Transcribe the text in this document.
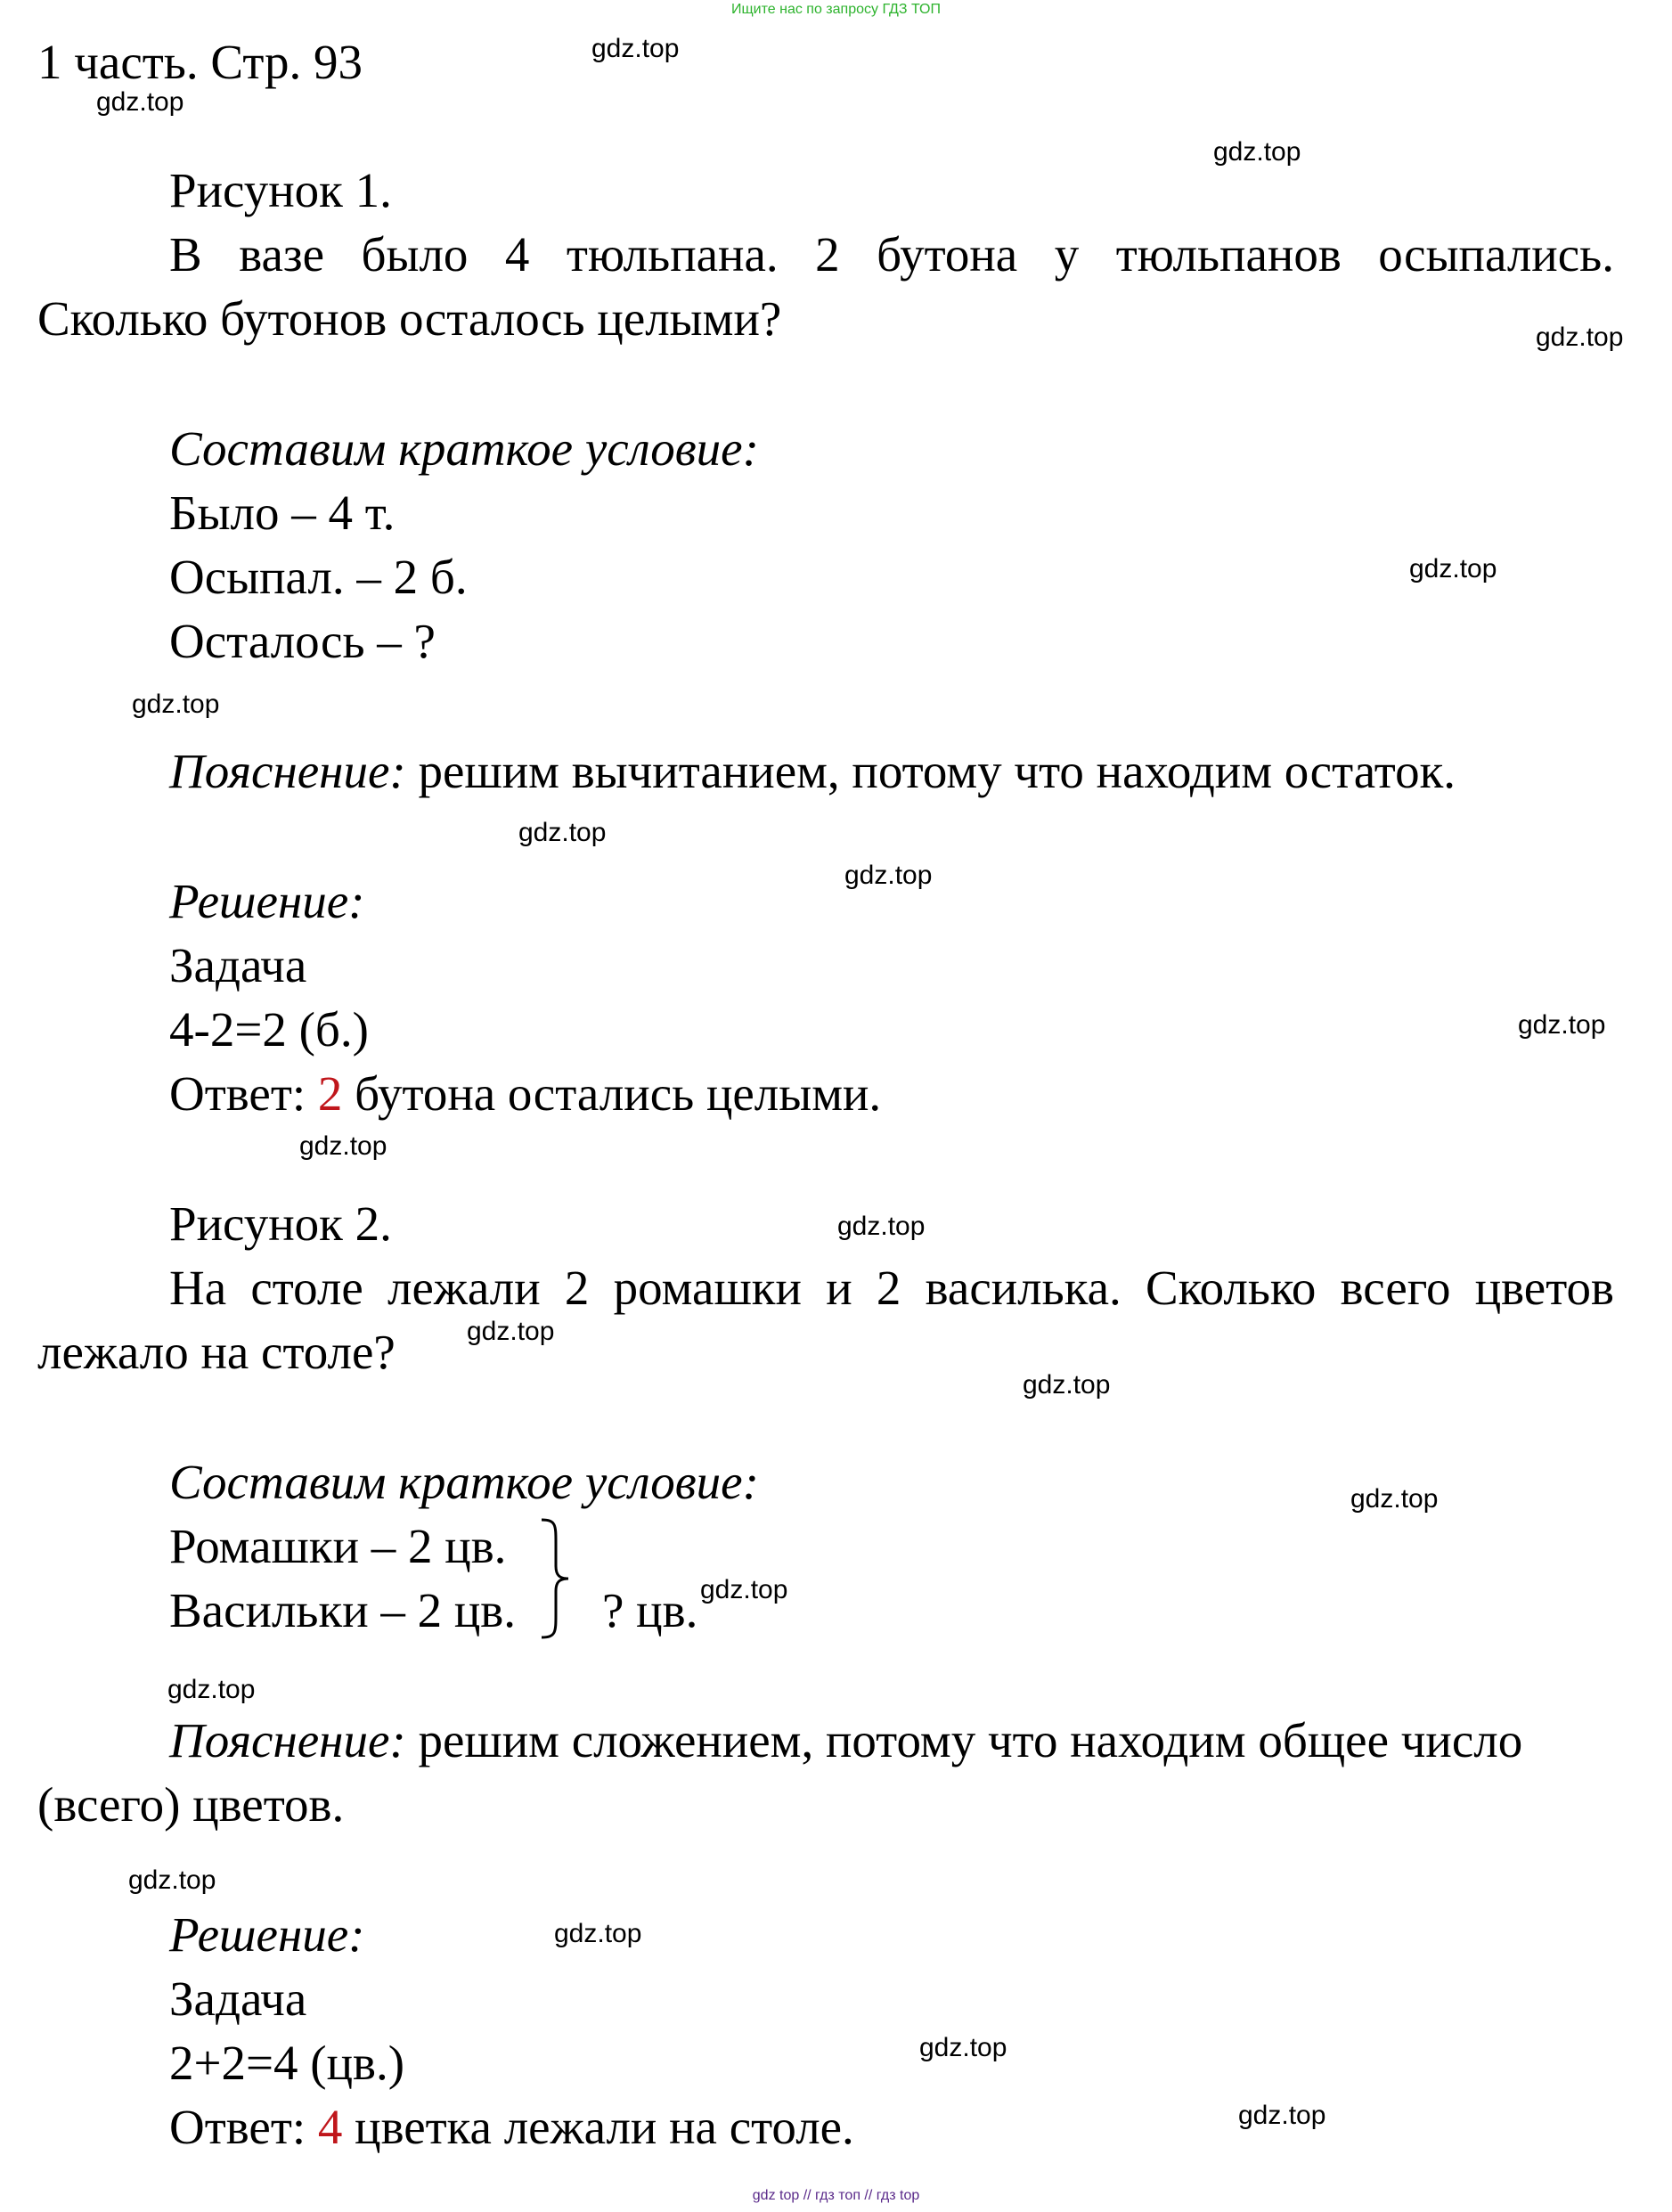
Ищите нас по запросу ГДЗ ТОП
1 часть. Стр. 93
Рисунок 1.
В вазе было 4 тюльпана. 2 бутона у тюльпанов осыпались.
Сколько бутонов осталось целыми?
Составим краткое условие:
Было – 4 т.
Осыпал. – 2 б.
Осталось – ?
Пояснение: решим вычитанием, потому что находим остаток.
Решение:
Задача
4-2=2 (б.)
Ответ: 2 бутона остались целыми.
Рисунок 2.
На столе лежали 2 ромашки и 2 василька. Сколько всего цветов
лежало на столе?
Составим краткое условие:
Ромашки – 2 цв.
Васильки – 2 цв. ? цв.
Пояснение: решим сложением, потому что находим общее число
(всего) цветов.
Решение:
Задача
2+2=4 (цв.)
Ответ: 4 цветка лежали на столе.
gdz.top
gdz.top
gdz.top
gdz.top
gdz.top
gdz.top
gdz.top
gdz.top
gdz.top
gdz.top
gdz.top
gdz.top
gdz.top
gdz.top
gdz.top
gdz.top
gdz.top
gdz.top
gdz.top
gdz.top
gdz top // гдз топ // гдз top
